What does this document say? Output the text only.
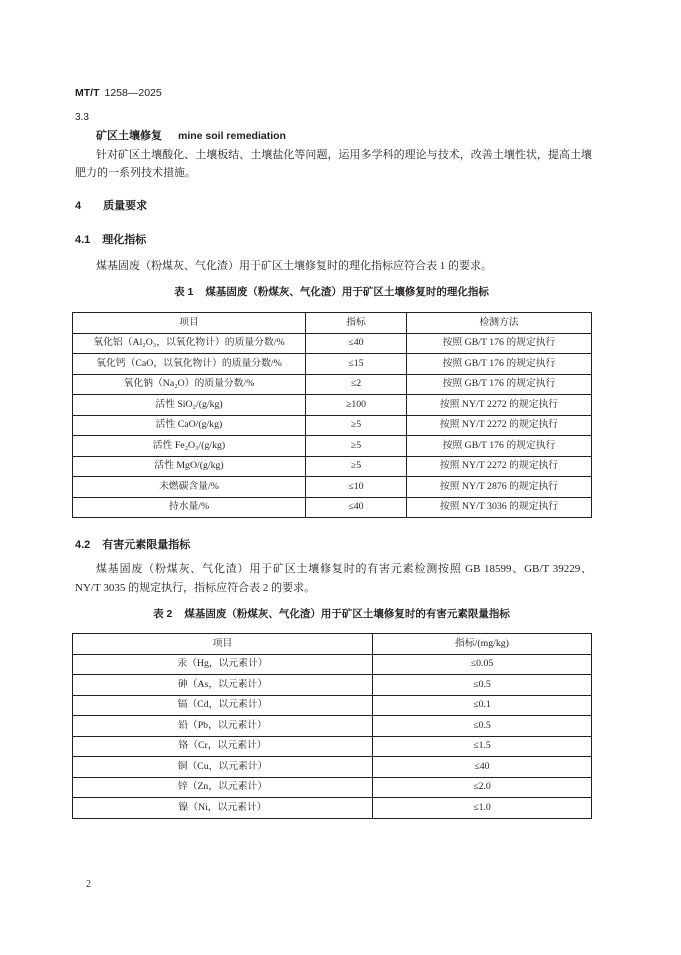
MT/T 1258—2025
3.3
矿区土壤修复 mine soil remediation
针对矿区土壤酸化、土壤板结、土壤盐化等问题，运用多学科的理论与技术，改善土壤性状，提高土壤肥力的一系列技术措施。
4 质量要求
4.1 理化指标
煤基固废（粉煤灰、气化渣）用于矿区土壤修复时的理化指标应符合表 1 的要求。
表 1 煤基固废（粉煤灰、气化渣）用于矿区土壤修复时的理化指标
项目	指标	检测方法
氧化铝（Al₂O₃，以氧化物计）的质量分数/%	≤40	按照 GB/T 176 的规定执行
氧化钙（CaO，以氧化物计）的质量分数/%	≤15	按照 GB/T 176 的规定执行
氧化钠（Na₂O）的质量分数/%	≤2	按照 GB/T 176 的规定执行
活性 SiO₂/(g/kg)	≥100	按照 NY/T 2272 的规定执行
活性 CaO/(g/kg)	≥5	按照 NY/T 2272 的规定执行
活性 Fe₂O₃/(g/kg)	≥5	按照 GB/T 176 的规定执行
活性 MgO/(g/kg)	≥5	按照 NY/T 2272 的规定执行
未燃碳含量/%	≤10	按照 NY/T 2876 的规定执行
持水量/%	≤40	按照 NY/T 3036 的规定执行
4.2 有害元素限量指标
煤基固废（粉煤灰、气化渣）用于矿区土壤修复时的有害元素检测按照 GB 18599、GB/T 39229、NY/T 3035 的规定执行，指标应符合表 2 的要求。
表 2 煤基固废（粉煤灰、气化渣）用于矿区土壤修复时的有害元素限量指标
项目	指标/(mg/kg)
汞（Hg，以元素计）	≤0.05
砷（As，以元素计）	≤0.5
镉（Cd，以元素计）	≤0.1
铅（Pb，以元素计）	≤0.5
铬（Cr，以元素计）	≤1.5
铜（Cu，以元素计）	≤40
锌（Zn，以元素计）	≤2.0
镍（Ni，以元素计）	≤1.0
2
